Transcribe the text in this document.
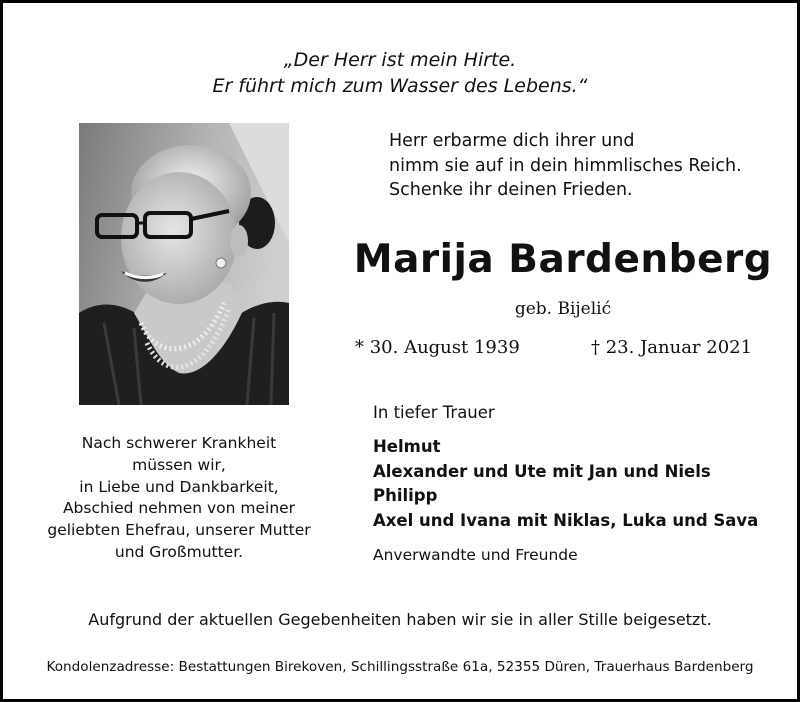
„Der Herr ist mein Hirte.
Er führt mich zum Wasser des Lebens.“
Herr erbarme dich ihrer und
nimm sie auf in dein himmlisches Reich.
Schenke ihr deinen Frieden.
Marija Bardenberg
geb. Bijelić
* 30. August 1939	† 23. Januar 2021
Nach schwerer Krankheit
müssen wir,
in Liebe und Dankbarkeit,
Abschied nehmen von meiner
geliebten Ehefrau, unserer Mutter
und Großmutter.
In tiefer Trauer
Helmut
Alexander und Ute mit Jan und Niels
Philipp
Axel und Ivana mit Niklas, Luka und Sava
Anverwandte und Freunde
Aufgrund der aktuellen Gegebenheiten haben wir sie in aller Stille beigesetzt.
Kondolenzadresse: Bestattungen Birekoven, Schillingsstraße 61a, 52355 Düren, Trauerhaus Bardenberg
